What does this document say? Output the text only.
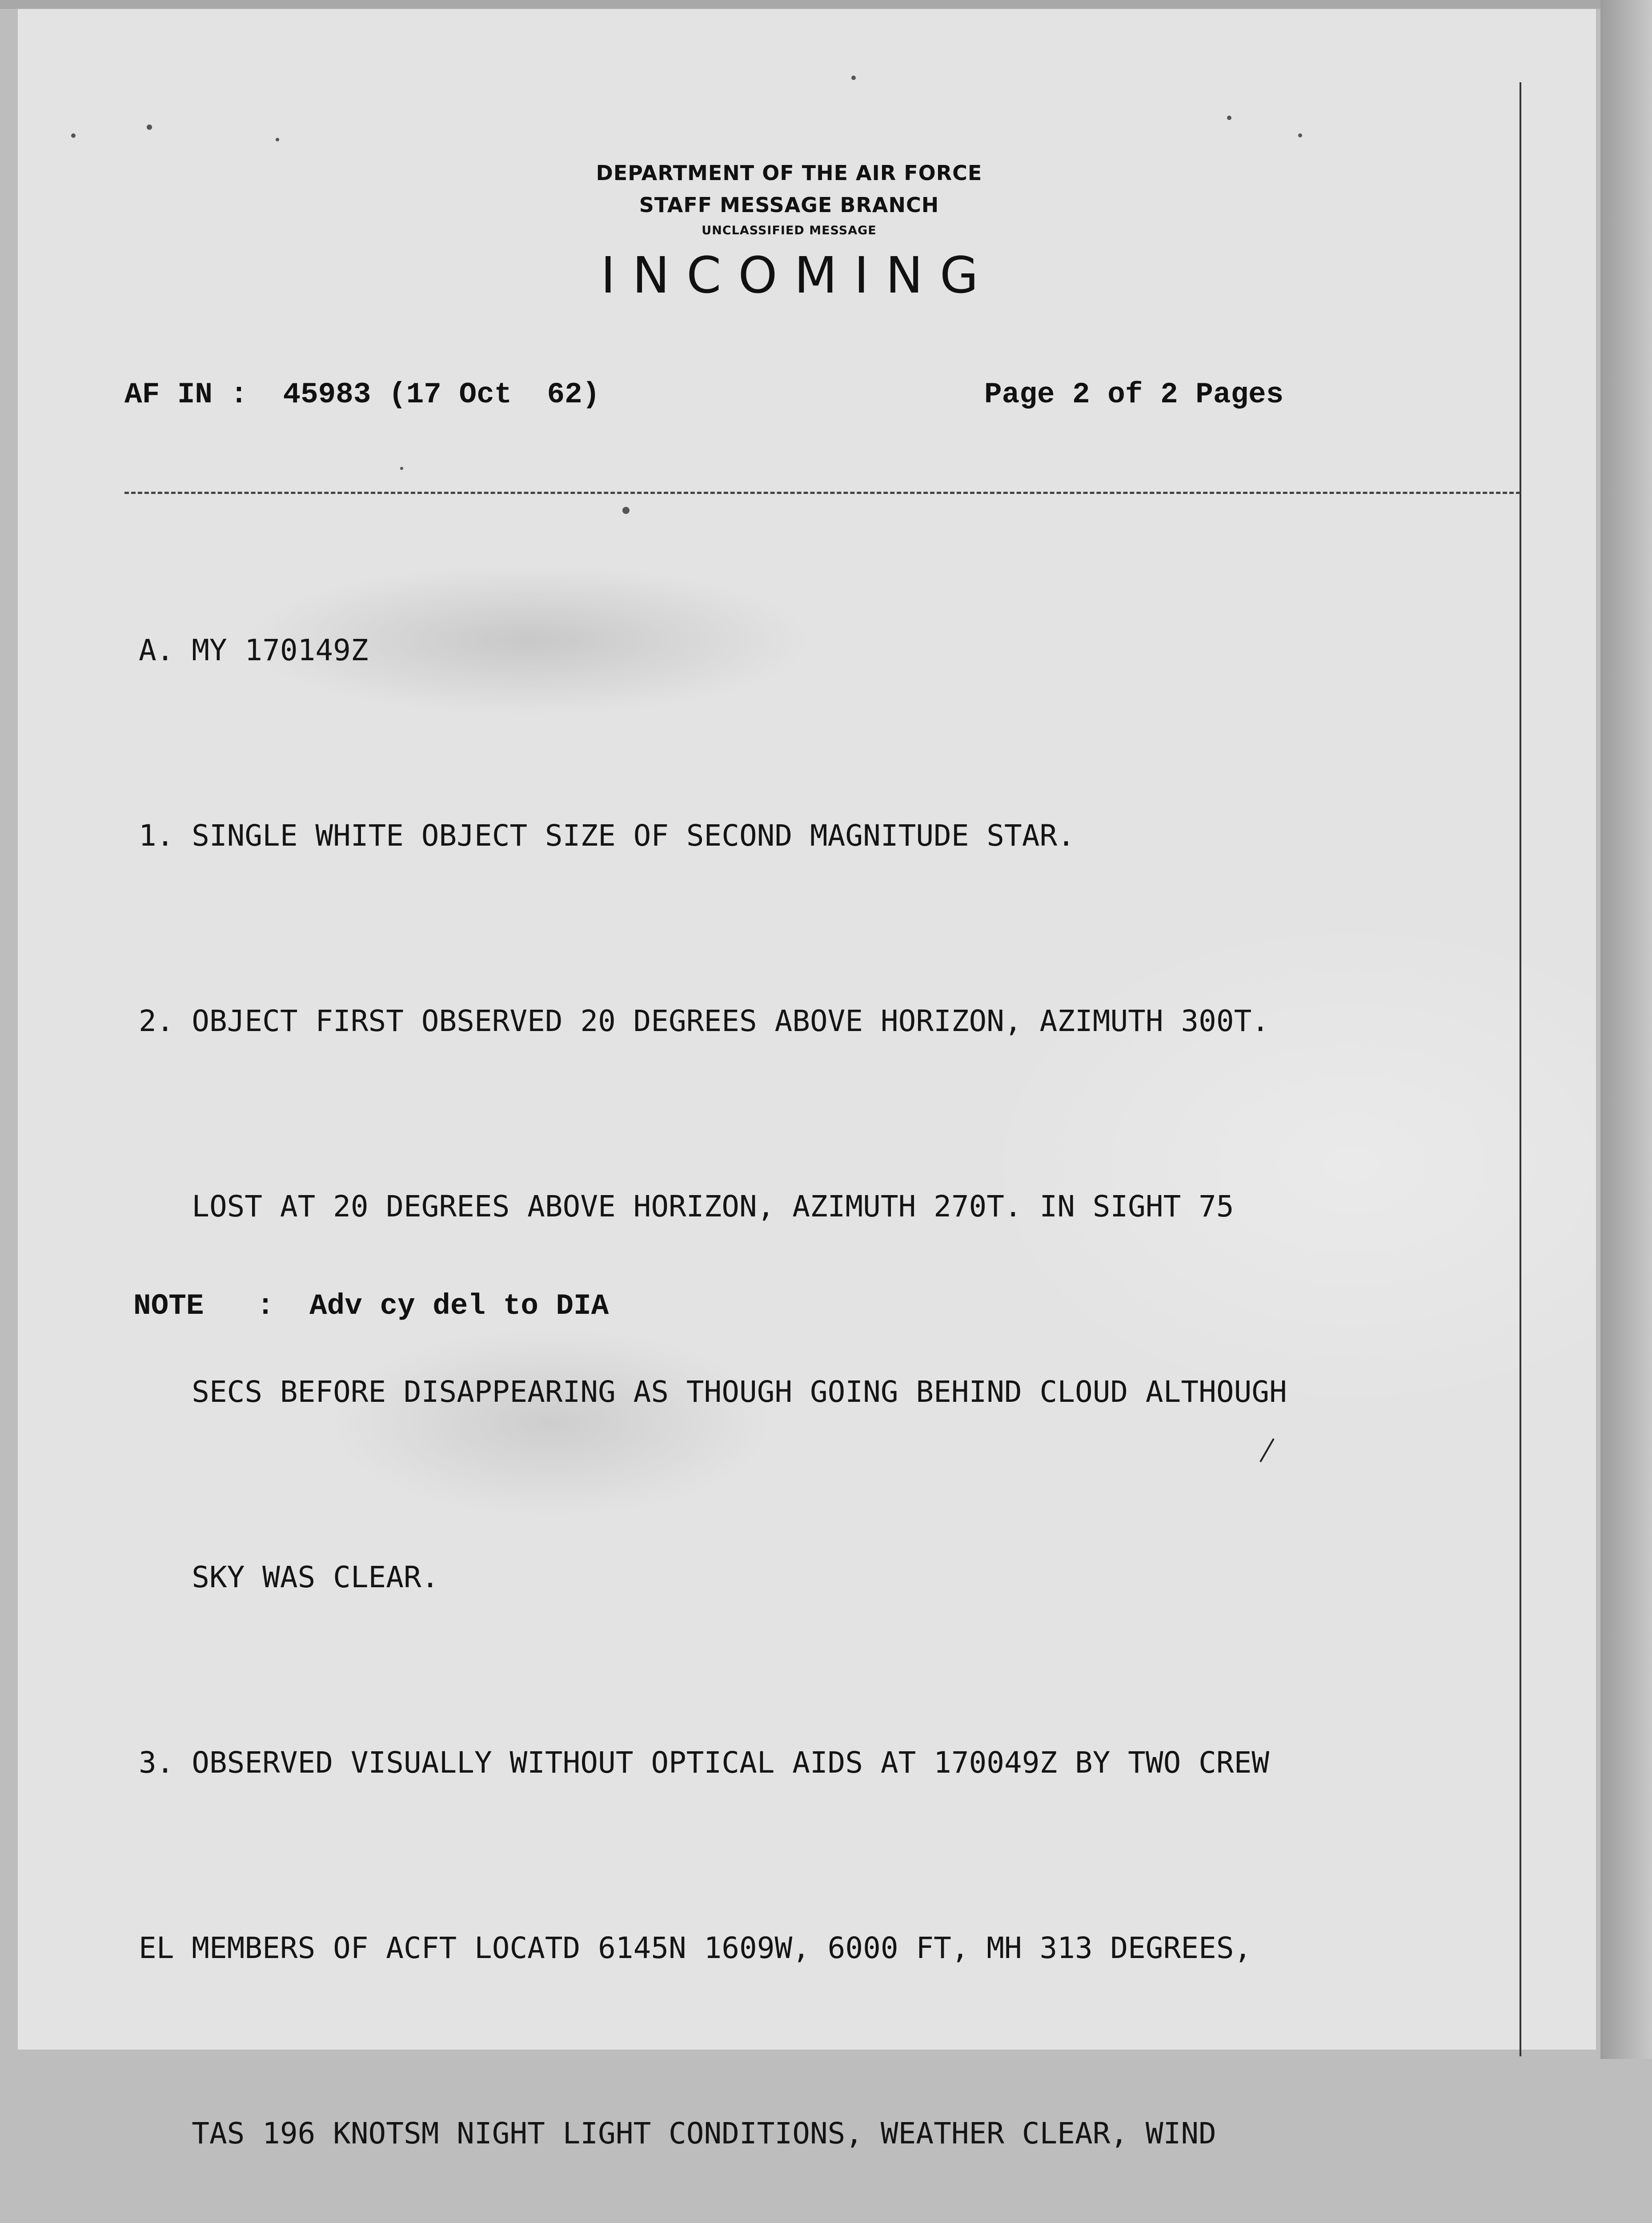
DEPARTMENT OF THE AIR FORCE
STAFF MESSAGE BRANCH
UNCLASSIFIED MESSAGE
INCOMING
AF IN :  45983 (17 Oct  62)	Page 2 of 2 Pages

A. MY 170149Z

1. SINGLE WHITE OBJECT SIZE OF SECOND MAGNITUDE STAR.

2. OBJECT FIRST OBSERVED 20 DEGREES ABOVE HORIZON, AZIMUTH 300T.

LOST AT 20 DEGREES ABOVE HORIZON, AZIMUTH 270T. IN SIGHT 75

SECS BEFORE DISAPPEARING AS THOUGH GOING BEHIND CLOUD ALTHOUGH

SKY WAS CLEAR.

3. OBSERVED VISUALLY WITHOUT OPTICAL AIDS AT 170049Z BY TWO CREW

EL MEMBERS OF ACFT LOCATD 6145N 1609W, 6000 FT, MH 313 DEGREES,

TAS 196 KNOTSM NIGHT LIGHT CONDITIONS, WEATHER CLEAR, WIND

NOTE   :  Adv cy del to DIA
